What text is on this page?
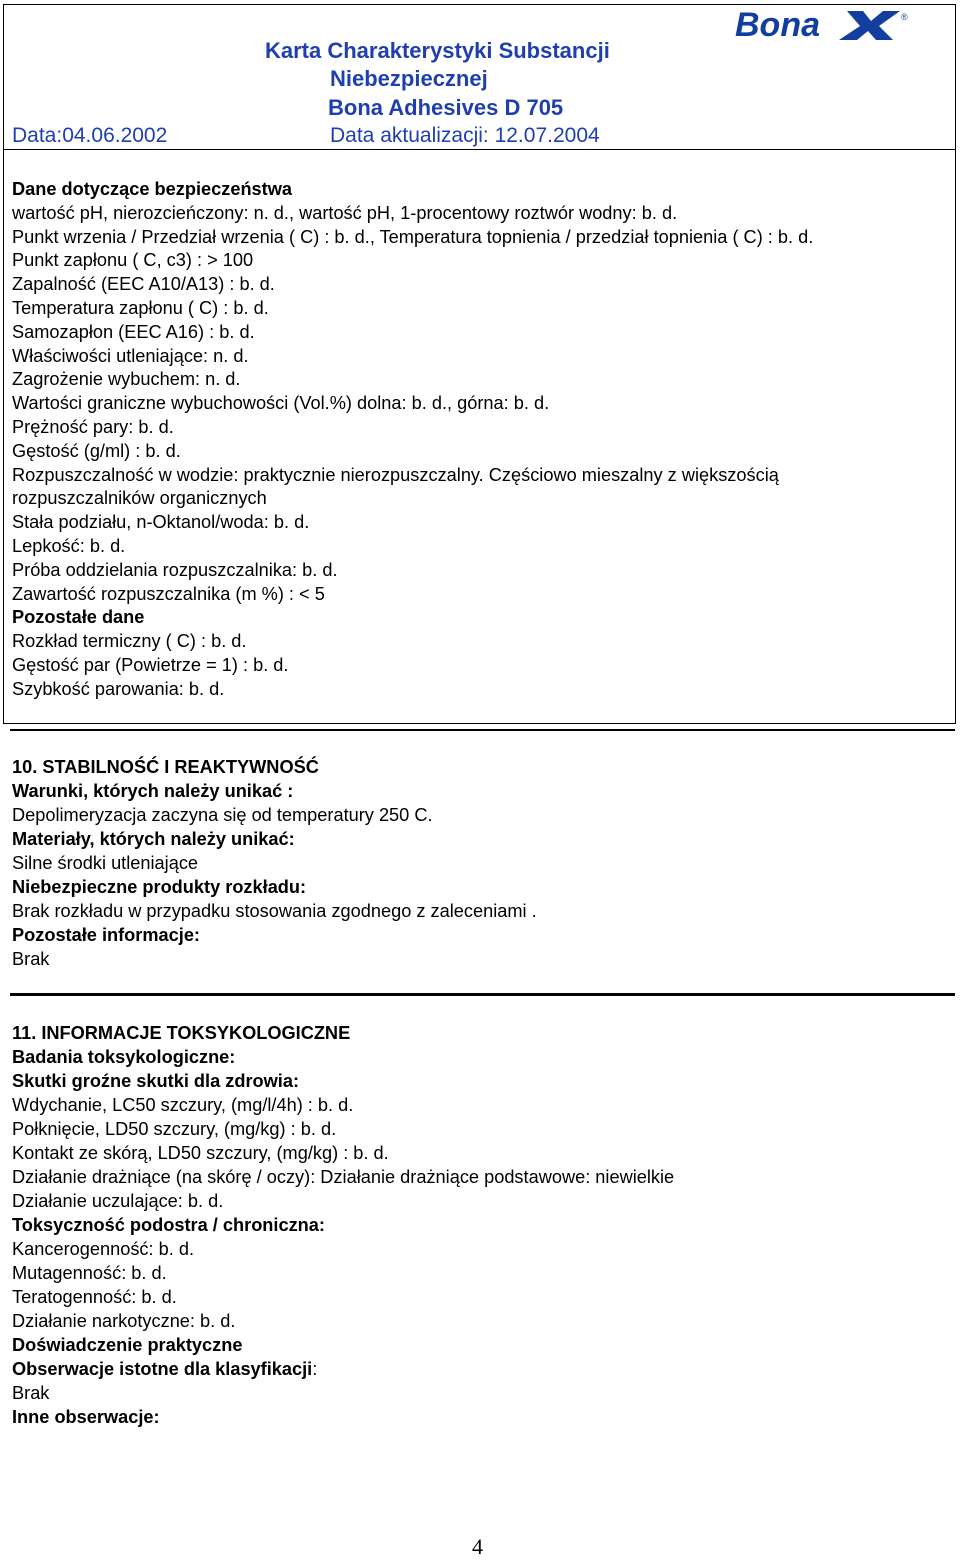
Karta Charakterystyki Substancji
Niebezpiecznej
Bona Adhesives D 705
Data:04.06.2002	Data aktualizacji: 12.07.2004
Bona	®
Dane dotyczące bezpieczeństwa
wartość pH, nierozcieńczony: n. d., wartość pH, 1-procentowy roztwór wodny: b. d.
Punkt wrzenia / Przedział wrzenia ( C) : b. d., Temperatura topnienia / przedział topnienia ( C) : b. d.
Punkt zapłonu ( C, c3) : > 100
Zapalność (EEC A10/A13) : b. d.
Temperatura zapłonu ( C) : b. d.
Samozapłon (EEC A16) : b. d.
Właściwości utleniające: n. d.
Zagrożenie wybuchem: n. d.
Wartości graniczne wybuchowości (Vol.%) dolna: b. d., górna: b. d.
Prężność pary: b. d.
Gęstość (g/ml) : b. d.
Rozpuszczalność w wodzie: praktycznie nierozpuszczalny. Częściowo mieszalny z większością
rozpuszczalników organicznych
Stała podziału, n-Oktanol/woda: b. d.
Lepkość: b. d.
Próba oddzielania rozpuszczalnika: b. d.
Zawartość rozpuszczalnika (m %) : < 5
Pozostałe dane
Rozkład termiczny ( C) : b. d.
Gęstość par (Powietrze = 1) : b. d.
Szybkość parowania: b. d.
10. STABILNOŚĆ I REAKTYWNOŚĆ
Warunki, których należy unikać :
Depolimeryzacja zaczyna się od temperatury 250 C.
Materiały, których należy unikać:
Silne środki utleniające
Niebezpieczne produkty rozkładu:
Brak rozkładu w przypadku stosowania zgodnego z zaleceniami .
Pozostałe informacje:
Brak
11. INFORMACJE TOKSYKOLOGICZNE
Badania toksykologiczne:
Skutki groźne skutki dla zdrowia:
Wdychanie, LC50 szczury, (mg/l/4h) : b. d.
Połknięcie, LD50 szczury, (mg/kg) : b. d.
Kontakt ze skórą, LD50 szczury, (mg/kg) : b. d.
Działanie drażniące (na skórę / oczy): Działanie drażniące podstawowe: niewielkie
Działanie uczulające: b. d.
Toksyczność podostra / chroniczna:
Kancerogenność: b. d.
Mutagenność: b. d.
Teratogenność: b. d.
Działanie narkotyczne: b. d.
Doświadczenie praktyczne
Obserwacje istotne dla klasyfikacji:
Brak
Inne obserwacje:
4
